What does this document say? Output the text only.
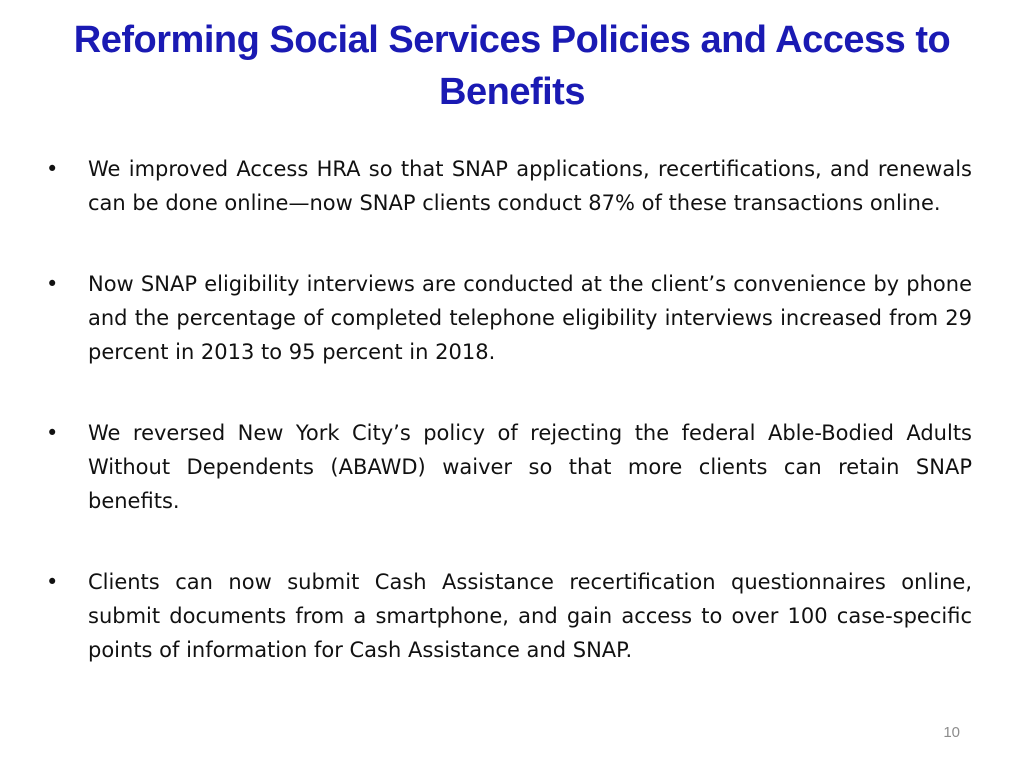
Reforming Social Services Policies and Access to Benefits
• We improved Access HRA so that SNAP applications, recertifications, and renewals can be done online—now SNAP clients conduct 87% of these transactions online.
• Now SNAP eligibility interviews are conducted at the client’s convenience by phone and the percentage of completed telephone eligibility interviews increased from 29 percent in 2013 to 95 percent in 2018.
• We reversed New York City’s policy of rejecting the federal Able-Bodied Adults Without Dependents (ABAWD) waiver so that more clients can retain SNAP benefits.
• Clients can now submit Cash Assistance recertification questionnaires online, submit documents from a smartphone, and gain access to over 100 case-specific points of information for Cash Assistance and SNAP.
10
